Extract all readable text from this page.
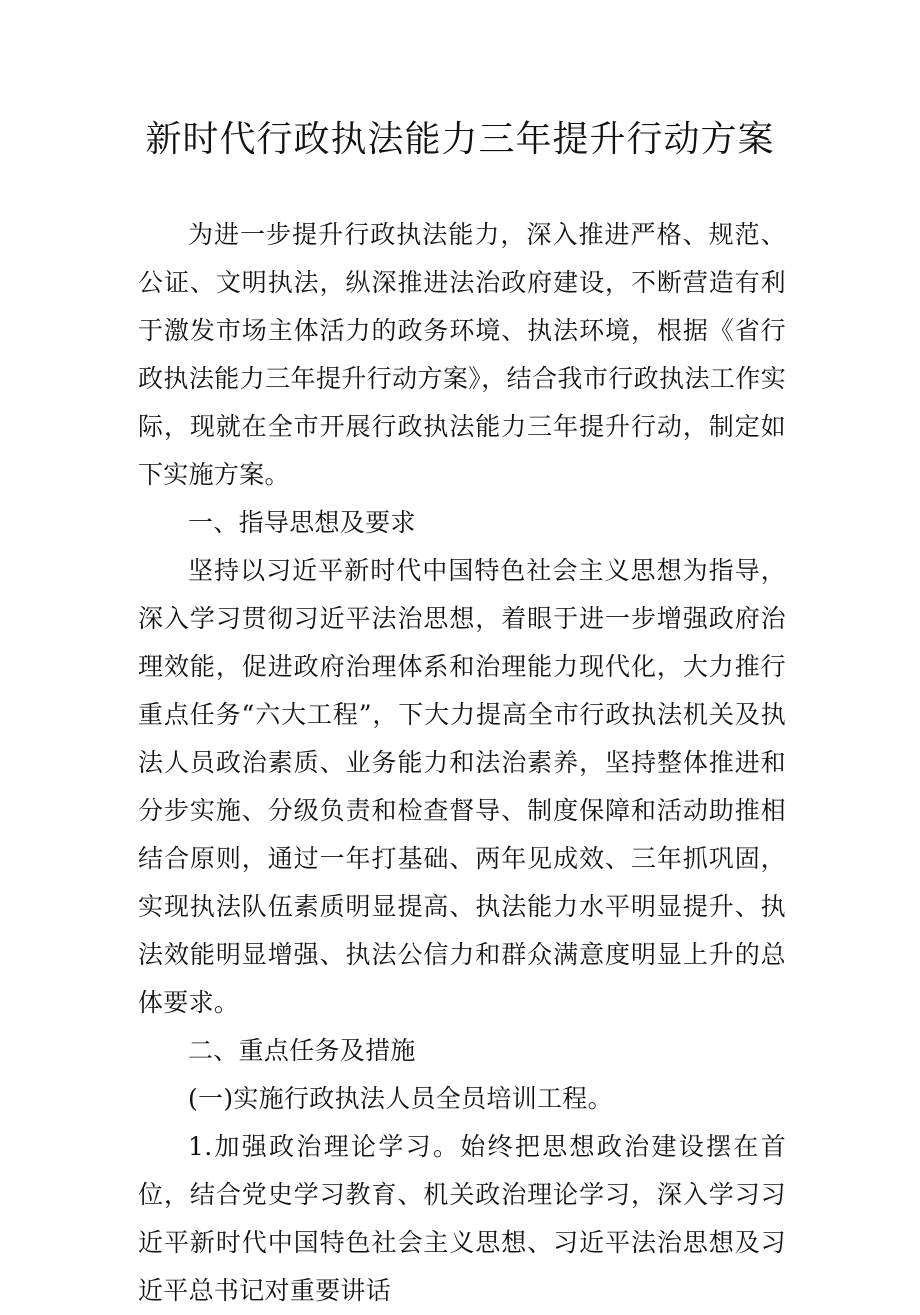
新时代行政执法能力三年提升行动方案

为进一步提升行政执法能力，深入推进严格、规范、公证、文明执法，纵深推进法治政府建设，不断营造有利于激发市场主体活力的政务环境、执法环境，根据《省行政执法能力三年提升行动方案》，结合我市行政执法工作实际，现就在全市开展行政执法能力三年提升行动，制定如下实施方案。

一、指导思想及要求

坚持以习近平新时代中国特色社会主义思想为指导，深入学习贯彻习近平法治思想，着眼于进一步增强政府治理效能，促进政府治理体系和治理能力现代化，大力推行重点任务“六大工程”，下大力提高全市行政执法机关及执法人员政治素质、业务能力和法治素养，坚持整体推进和分步实施、分级负责和检查督导、制度保障和活动助推相结合原则，通过一年打基础、两年见成效、三年抓巩固，实现执法队伍素质明显提高、执法能力水平明显提升、执法效能明显增强、执法公信力和群众满意度明显上升的总体要求。

二、重点任务及措施

(一)实施行政执法人员全员培训工程。

1.加强政治理论学习。始终把思想政治建设摆在首位，结合党史学习教育、机关政治理论学习，深入学习习近平新时代中国特色社会主义思想、习近平法治思想及习近平总书记对重要讲话
